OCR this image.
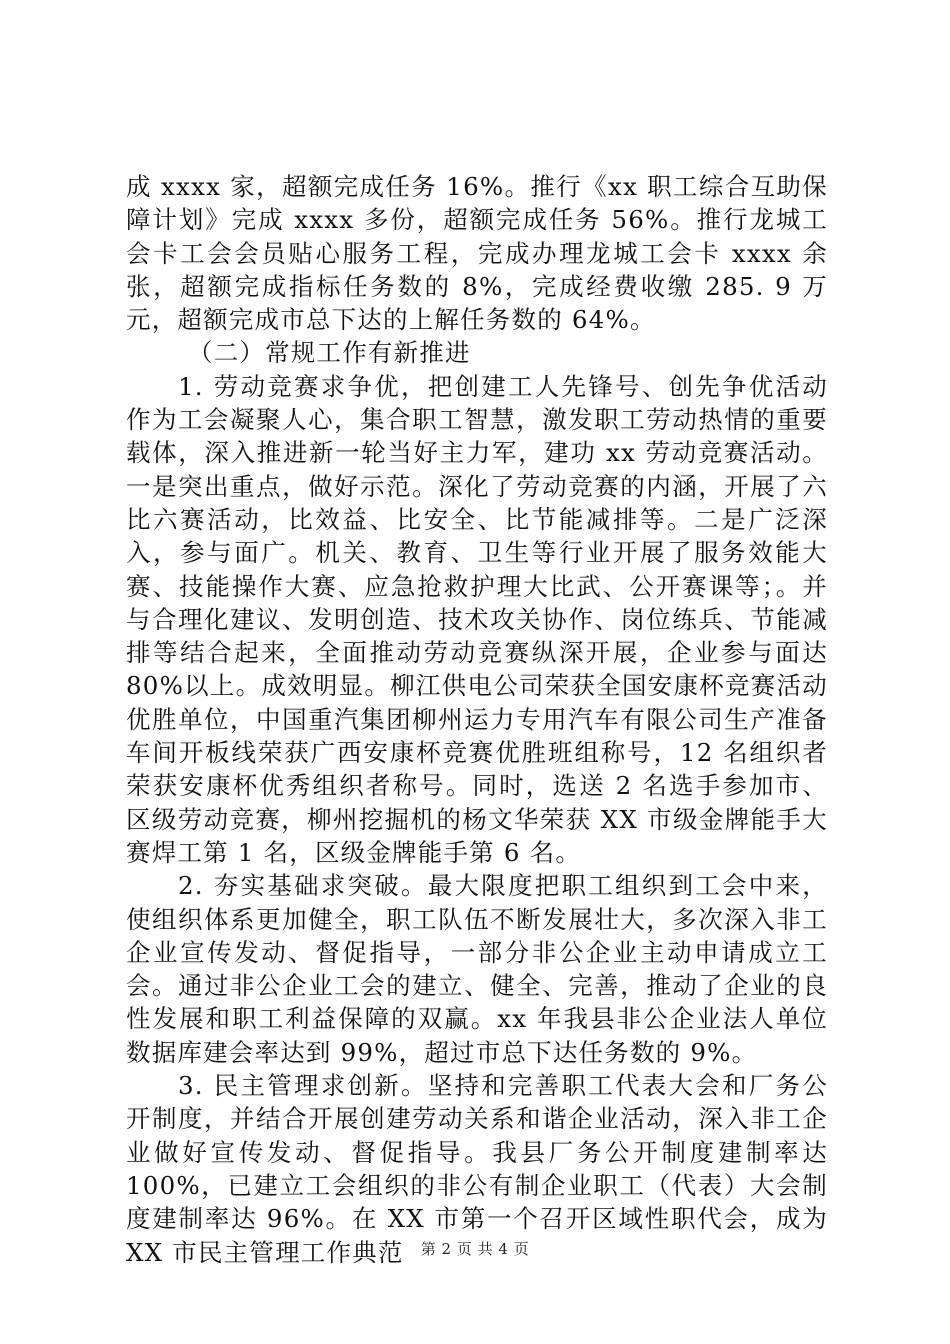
成 xxxx 家，超额完成任务 16%。推行《xx 职工综合互助保障计划》完成 xxxx 多份，超额完成任务 56%。推行龙城工会卡工会会员贴心服务工程，完成办理龙城工会卡 xxxx 余张，超额完成指标任务数的 8%，完成经费收缴 285. 9 万元，超额完成市总下达的上解任务数的 64%。

（二）常规工作有新推进

1. 劳动竞赛求争优，把创建工人先锋号、创先争优活动作为工会凝聚人心，集合职工智慧，激发职工劳动热情的重要载体，深入推进新一轮当好主力军，建功 xx 劳动竞赛活动。一是突出重点，做好示范。深化了劳动竞赛的内涵，开展了六比六赛活动，比效益、比安全、比节能减排等。二是广泛深入，参与面广。机关、教育、卫生等行业开展了服务效能大赛、技能操作大赛、应急抢救护理大比武、公开赛课等；。并与合理化建议、发明创造、技术攻关协作、岗位练兵、节能减排等结合起来，全面推动劳动竞赛纵深开展，企业参与面达 80%以上。成效明显。柳江供电公司荣获全国安康杯竞赛活动优胜单位，中国重汽集团柳州运力专用汽车有限公司生产准备车间开板线荣获广西安康杯竞赛优胜班组称号，12 名组织者荣获安康杯优秀组织者称号。同时，选送 2 名选手参加市、区级劳动竞赛，柳州挖掘机的杨文华荣获 XX 市级金牌能手大赛焊工第 1 名，区级金牌能手第 6 名。

2. 夯实基础求突破。最大限度把职工组织到工会中来，使组织体系更加健全，职工队伍不断发展壮大，多次深入非工企业宣传发动、督促指导，一部分非公企业主动申请成立工会。通过非公企业工会的建立、健全、完善，推动了企业的良性发展和职工利益保障的双赢。xx 年我县非公企业法人单位数据库建会率达到 99%，超过市总下达任务数的 9%。

3. 民主管理求创新。坚持和完善职工代表大会和厂务公开制度，并结合开展创建劳动关系和谐企业活动，深入非工企业做好宣传发动、督促指导。我县厂务公开制度建制率达 100%，已建立工会组织的非公有制企业职工（代表）大会制度建制率达 96%。在 XX 市第一个召开区域性职代会，成为 XX 市民主管理工作典范	第 2 页 共 4 页
